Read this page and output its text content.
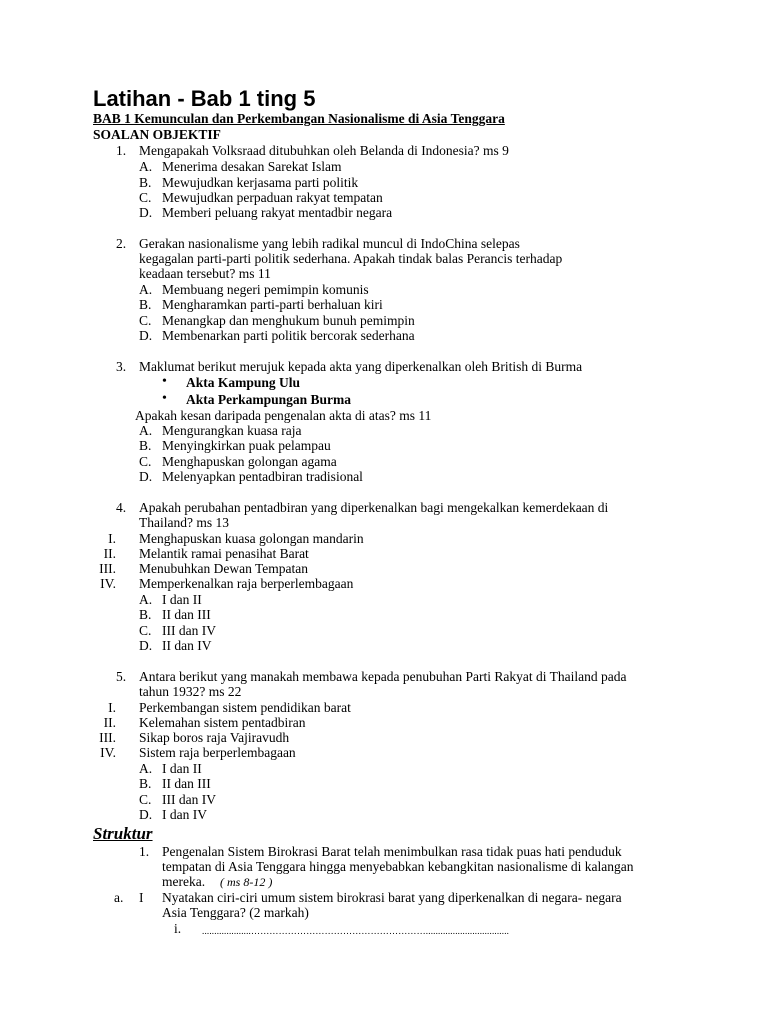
Latihan - Bab 1 ting 5
BAB 1 Kemunculan dan Perkembangan Nasionalisme di Asia Tenggara
SOALAN OBJEKTIF
1. Mengapakah Volksraad ditubuhkan oleh Belanda di Indonesia? ms 9
A. Menerima desakan Sarekat Islam
B. Mewujudkan kerjasama parti politik
C. Mewujudkan perpaduan rakyat tempatan
D. Memberi peluang rakyat mentadbir negara
2. Gerakan nasionalisme yang lebih radikal muncul di IndoChina selepas
kegagalan parti-parti politik sederhana. Apakah tindak balas Perancis terhadap
keadaan tersebut? ms 11
A. Membuang negeri pemimpin komunis
B. Mengharamkan parti-parti berhaluan kiri
C. Menangkap dan menghukum bunuh pemimpin
D. Membenarkan parti politik bercorak sederhana
3. Maklumat berikut merujuk kepada akta yang diperkenalkan oleh British di Burma
• Akta Kampung Ulu
• Akta Perkampungan Burma
Apakah kesan daripada pengenalan akta di atas? ms 11
A. Mengurangkan kuasa raja
B. Menyingkirkan puak pelampau
C. Menghapuskan golongan agama
D. Melenyapkan pentadbiran tradisional
4. Apakah perubahan pentadbiran yang diperkenalkan bagi mengekalkan kemerdekaan di
Thailand? ms 13
I. Menghapuskan kuasa golongan mandarin
II. Melantik ramai penasihat Barat
III. Menubuhkan Dewan Tempatan
IV. Memperkenalkan raja berperlembagaan
A. I dan II
B. II dan III
C. III dan IV
D. II dan IV
5. Antara berikut yang manakah membawa kepada penubuhan Parti Rakyat di Thailand pada
tahun 1932? ms 22
I. Perkembangan sistem pendidikan barat
II. Kelemahan sistem pentadbiran
III. Sikap boros raja Vajiravudh
IV. Sistem raja berperlembagaan
A. I dan II
B. II dan III
C. III dan IV
D. I dan IV
Struktur
1. Pengenalan Sistem Birokrasi Barat telah menimbulkan rasa tidak puas hati penduduk
tempatan di Asia Tenggara hingga menyebabkan kebangkitan nasionalisme di kalangan
mereka. ( ms 8-12 )
a. I Nyatakan ciri-ciri umum sistem birokrasi barat yang diperkenalkan di negara- negara
Asia Tenggara? (2 markah)
i. ....................…………………………………………………..................................
